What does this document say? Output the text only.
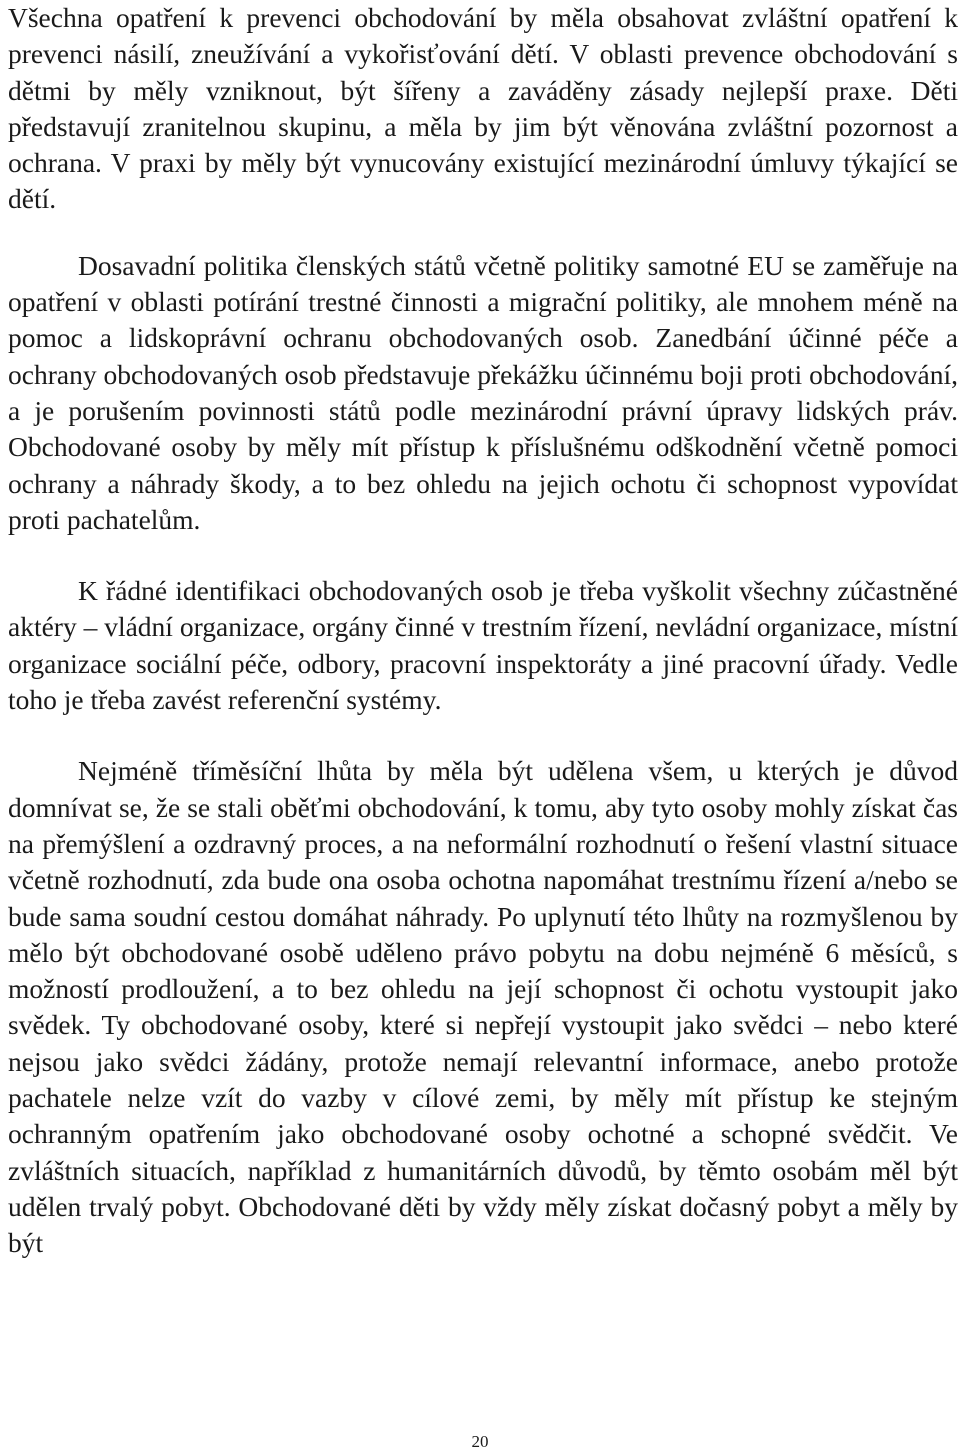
Všechna opatření k prevenci obchodování by měla obsahovat zvláštní opatření k prevenci násilí, zneužívání a vykořisťování dětí. V oblasti prevence obchodování s dětmi by měly vzniknout, být šířeny a zaváděny zásady nejlepší praxe. Děti představují zranitelnou skupinu, a měla by jim být věnována zvláštní pozornost a ochrana. V praxi by měly být vynucovány existující mezinárodní úmluvy týkající se dětí.

Dosavadní politika členských států včetně politiky samotné EU se zaměřuje na opatření v oblasti potírání trestné činnosti a migrační politiky, ale mnohem méně na pomoc a lidskoprávní ochranu obchodovaných osob. Zanedbání účinné péče a ochrany obchodovaných osob představuje překážku účinnému boji proti obchodování, a je porušením povinnosti států podle mezinárodní právní úpravy lidských práv. Obchodované osoby by měly mít přístup k příslušnému odškodnění včetně pomoci ochrany a náhrady škody, a to bez ohledu na jejich ochotu či schopnost vypovídat proti pachatelům.

K řádné identifikaci obchodovaných osob je třeba vyškolit všechny zúčastněné aktéry – vládní organizace, orgány činné v trestním řízení, nevládní organizace, místní organizace sociální péče, odbory, pracovní inspektoráty a jiné pracovní úřady. Vedle toho je třeba zavést referenční systémy.

Nejméně tříměsíční lhůta by měla být udělena všem, u kterých je důvod domnívat se, že se stali oběťmi obchodování, k tomu, aby tyto osoby mohly získat čas na přemýšlení a ozdravný proces, a na neformální rozhodnutí o řešení vlastní situace včetně rozhodnutí, zda bude ona osoba ochotna napomáhat trestnímu řízení a/nebo se bude sama soudní cestou domáhat náhrady. Po uplynutí této lhůty na rozmyšlenou by mělo být obchodované osobě uděleno právo pobytu na dobu nejméně 6 měsíců, s možností prodloužení, a to bez ohledu na její schopnost či ochotu vystoupit jako svědek. Ty obchodované osoby, které si nepřejí vystoupit jako svědci – nebo které nejsou jako svědci žádány, protože nemají relevantní informace, anebo protože pachatele nelze vzít do vazby v cílové zemi, by měly mít přístup ke stejným ochranným opatřením jako obchodované osoby ochotné a schopné svědčit. Ve zvláštních situacích, například z humanitárních důvodů, by těmto osobám měl být udělen trvalý pobyt. Obchodované děti by vždy měly získat dočasný pobyt a měly by být

20
